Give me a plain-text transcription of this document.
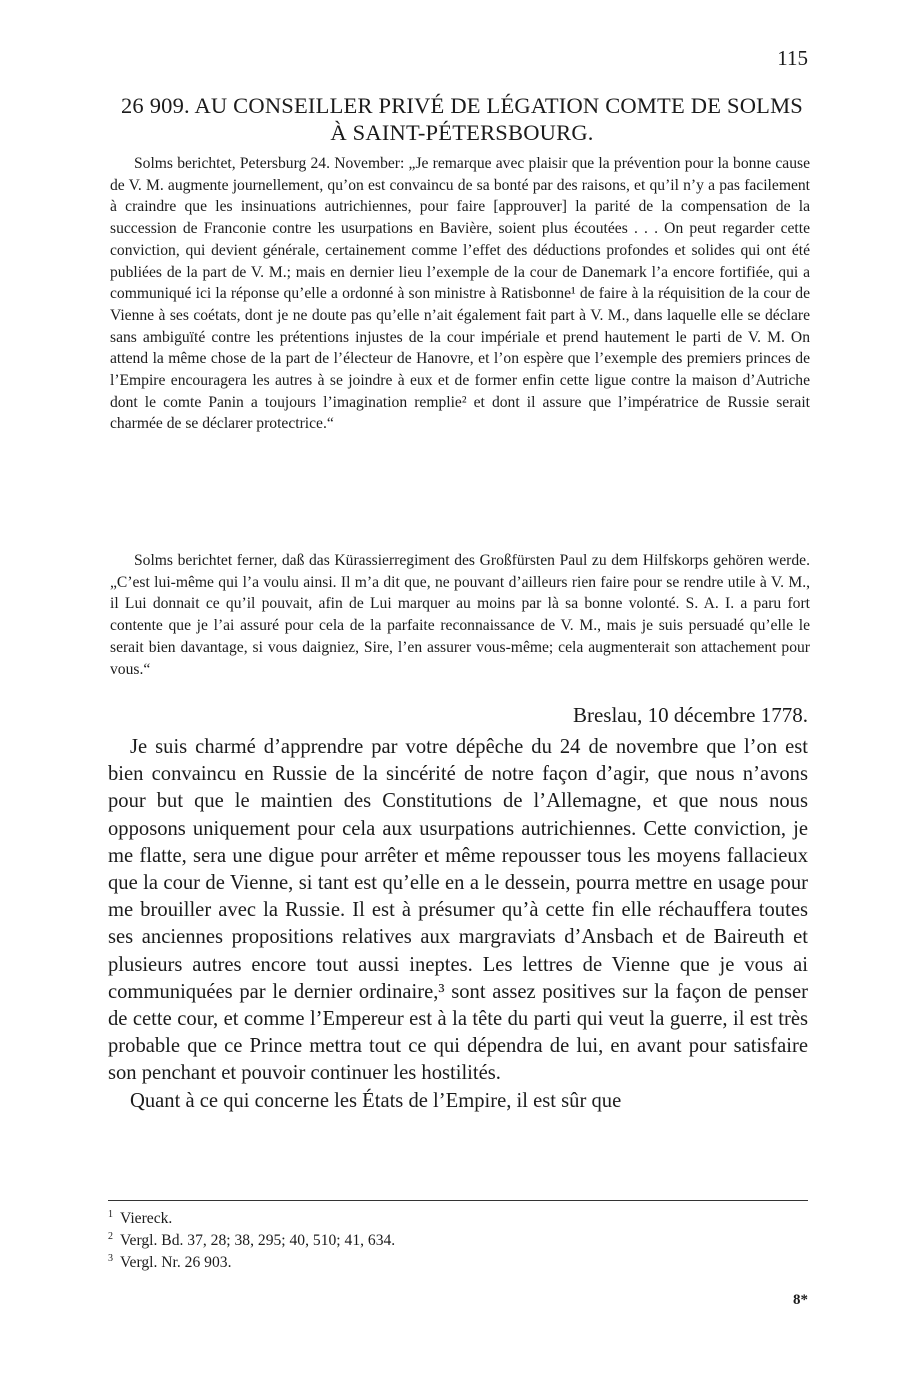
115
26 909. AU CONSEILLER PRIVÉ DE LÉGATION COMTE DE SOLMS À SAINT-PÉTERSBOURG.

Solms berichtet, Petersburg 24. November: „Je remarque avec plaisir que la prévention pour la bonne cause de V. M. augmente journellement, qu’on est convaincu de sa bonté par des raisons, et qu’il n’y a pas facilement à craindre que les insinuations autrichiennes, pour faire [approuver] la parité de la compensation de la succession de Franconie contre les usurpations en Bavière, soient plus écoutées . . . On peut regarder cette conviction, qui devient générale, certainement comme l’effet des déductions profondes et solides qui ont été publiées de la part de V. M.; mais en dernier lieu l’exemple de la cour de Danemark l’a encore fortifiée, qui a communiqué ici la réponse qu’elle a ordonné à son ministre à Ratisbonne¹ de faire à la réquisition de la cour de Vienne à ses coétats, dont je ne doute pas qu’elle n’ait également fait part à V. M., dans laquelle elle se déclare sans ambiguïté contre les prétentions injustes de la cour impériale et prend hautement le parti de V. M. On attend la même chose de la part de l’électeur de Hanovre, et l’on espère que l’exemple des premiers princes de l’Empire encouragera les autres à se joindre à eux et de former enfin cette ligue contre la maison d’Autriche dont le comte Panin a toujours l’imagination remplie² et dont il assure que l’impératrice de Russie serait charmée de se déclarer protectrice.“

Solms berichtet ferner, daß das Kürassierregiment des Großfürsten Paul zu dem Hilfskorps gehören werde. „C’est lui-même qui l’a voulu ainsi. Il m’a dit que, ne pouvant d’ailleurs rien faire pour se rendre utile à V. M., il Lui donnait ce qu’il pouvait, afin de Lui marquer au moins par là sa bonne volonté. S. A. I. a paru fort contente que je l’ai assuré pour cela de la parfaite reconnaissance de V. M., mais je suis persuadé qu’elle le serait bien davantage, si vous daigniez, Sire, l’en assurer vous-même; cela augmenterait son attachement pour vous.“

Breslau, 10 décembre 1778.

Je suis charmé d’apprendre par votre dépêche du 24 de novembre que l’on est bien convaincu en Russie de la sincérité de notre façon d’agir, que nous n’avons pour but que le maintien des Constitutions de l’Allemagne, et que nous nous opposons uniquement pour cela aux usurpations autrichiennes. Cette conviction, je me flatte, sera une digue pour arrêter et même repousser tous les moyens fallacieux que la cour de Vienne, si tant est qu’elle en a le dessein, pourra mettre en usage pour me brouiller avec la Russie. Il est à présumer qu’à cette fin elle réchauffera toutes ses anciennes propositions relatives aux margraviats d’Ansbach et de Baireuth et plusieurs autres encore tout aussi ineptes. Les lettres de Vienne que je vous ai communiquées par le dernier ordinaire,³ sont assez positives sur la façon de penser de cette cour, et comme l’Empereur est à la tête du parti qui veut la guerre, il est très probable que ce Prince mettra tout ce qui dépendra de lui, en avant pour satisfaire son penchant et pouvoir continuer les hostilités.

Quant à ce qui concerne les États de l’Empire, il est sûr que

1 Viereck.
2 Vergl. Bd. 37, 28; 38, 295; 40, 510; 41, 634.
3 Vergl. Nr. 26 903.
8*
